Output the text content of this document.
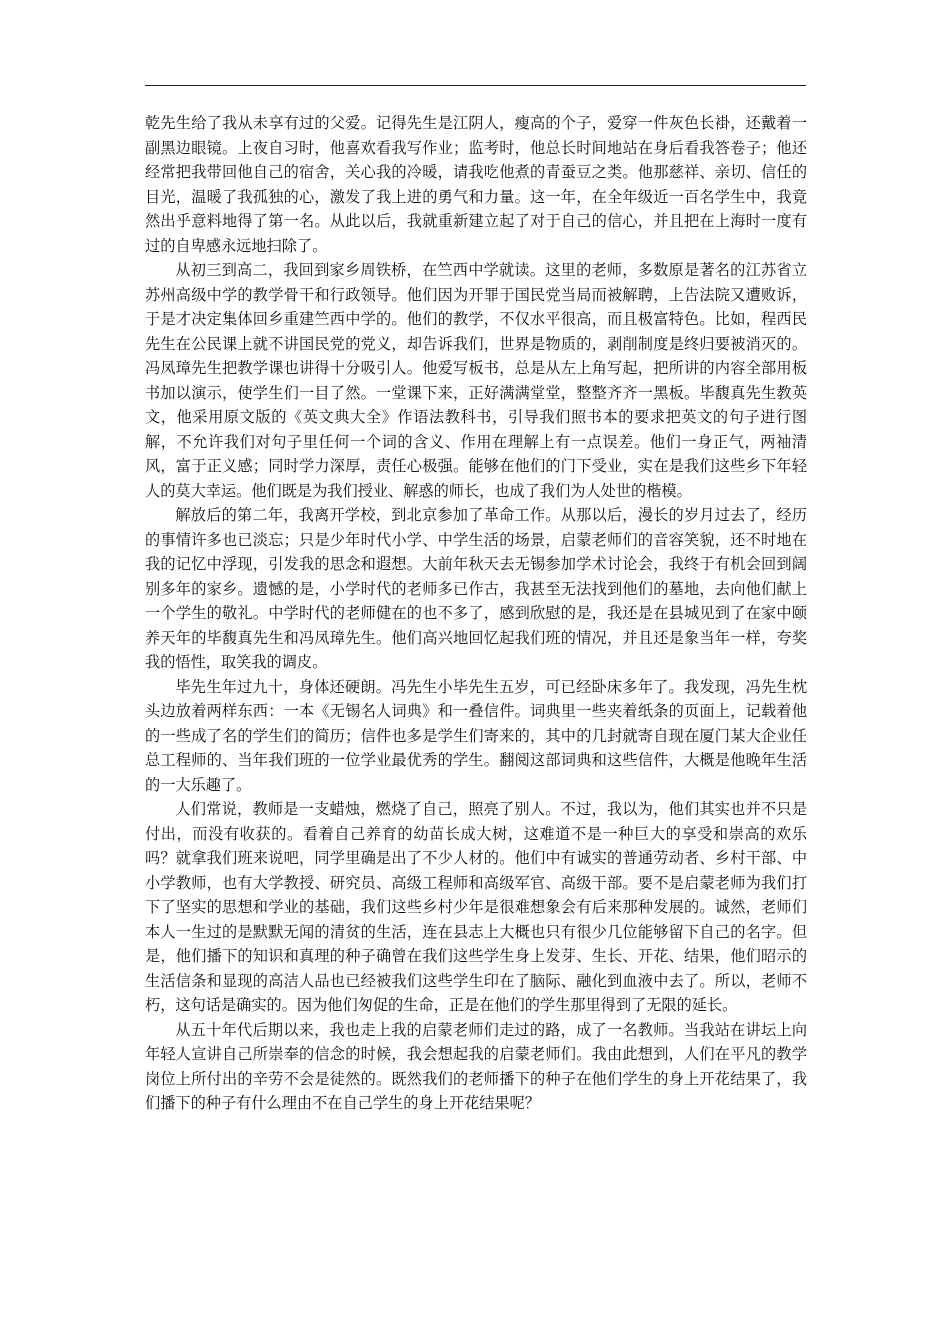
乾先生给了我从未享有过的父爱。记得先生是江阴人，瘦高的个子，爱穿一件灰色长褂，还戴着一副黑边眼镜。上夜自习时，他喜欢看我写作业；监考时，他总长时间地站在身后看我答卷子；他还经常把我带回他自己的宿舍，关心我的冷暖，请我吃他煮的青蚕豆之类。他那慈祥、亲切、信任的目光，温暖了我孤独的心，激发了我上进的勇气和力量。这一年，在全年级近一百名学生中，我竟然出乎意料地得了第一名。从此以后，我就重新建立起了对于自己的信心，并且把在上海时一度有过的自卑感永远地扫除了。

从初三到高二，我回到家乡周铁桥，在竺西中学就读。这里的老师，多数原是著名的江苏省立苏州高级中学的教学骨干和行政领导。他们因为开罪于国民党当局而被解聘，上告法院又遭败诉，于是才决定集体回乡重建竺西中学的。他们的教学，不仅水平很高，而且极富特色。比如，程西民先生在公民课上就不讲国民党的党义，却告诉我们，世界是物质的，剥削制度是终归要被消灭的。冯凤璋先生把教学课也讲得十分吸引人。他爱写板书，总是从左上角写起，把所讲的内容全部用板书加以演示，使学生们一目了然。一堂课下来，正好满满堂堂，整整齐齐一黑板。毕馥真先生教英文，他采用原文版的《英文典大全》作语法教科书，引导我们照书本的要求把英文的句子进行图解，不允许我们对句子里任何一个词的含义、作用在理解上有一点误差。他们一身正气，两袖清风，富于正义感；同时学力深厚，责任心极强。能够在他们的门下受业，实在是我们这些乡下年轻人的莫大幸运。他们既是为我们授业、解惑的师长，也成了我们为人处世的楷模。

解放后的第二年，我离开学校，到北京参加了革命工作。从那以后，漫长的岁月过去了，经历的事情许多也已淡忘；只是少年时代小学、中学生活的场景，启蒙老师们的音容笑貌，还不时地在我的记忆中浮现，引发我的思念和遐想。大前年秋天去无锡参加学术讨论会，我终于有机会回到阔别多年的家乡。遗憾的是，小学时代的老师多已作古，我甚至无法找到他们的墓地，去向他们献上一个学生的敬礼。中学时代的老师健在的也不多了，感到欣慰的是，我还是在县城见到了在家中颐养天年的毕馥真先生和冯凤璋先生。他们高兴地回忆起我们班的情况，并且还是象当年一样，夸奖我的悟性，取笑我的调皮。

毕先生年过九十，身体还硬朗。冯先生小毕先生五岁，可已经卧床多年了。我发现，冯先生枕头边放着两样东西：一本《无锡名人词典》和一叠信件。词典里一些夹着纸条的页面上，记载着他的一些成了名的学生们的简历；信件也多是学生们寄来的，其中的几封就寄自现在厦门某大企业任总工程师的、当年我们班的一位学业最优秀的学生。翻阅这部词典和这些信件，大概是他晚年生活的一大乐趣了。

人们常说，教师是一支蜡烛，燃烧了自己，照亮了别人。不过，我以为，他们其实也并不只是付出，而没有收获的。看着自己养育的幼苗长成大树，这难道不是一种巨大的享受和崇高的欢乐吗？就拿我们班来说吧，同学里确是出了不少人材的。他们中有诚实的普通劳动者、乡村干部、中小学教师，也有大学教授、研究员、高级工程师和高级军官、高级干部。要不是启蒙老师为我们打下了坚实的思想和学业的基础，我们这些乡村少年是很难想象会有后来那种发展的。诚然，老师们本人一生过的是默默无闻的清贫的生活，连在县志上大概也只有很少几位能够留下自己的名字。但是，他们播下的知识和真理的种子确曾在我们这些学生身上发芽、生长、开花、结果，他们昭示的生活信条和显现的高洁人品也已经被我们这些学生印在了脑际、融化到血液中去了。所以，老师不朽，这句话是确实的。因为他们匆促的生命，正是在他们的学生那里得到了无限的延长。

从五十年代后期以来，我也走上我的启蒙老师们走过的路，成了一名教师。当我站在讲坛上向年轻人宣讲自己所崇奉的信念的时候，我会想起我的启蒙老师们。我由此想到，人们在平凡的教学岗位上所付出的辛劳不会是徒然的。既然我们的老师播下的种子在他们学生的身上开花结果了，我们播下的种子有什么理由不在自己学生的身上开花结果呢？
